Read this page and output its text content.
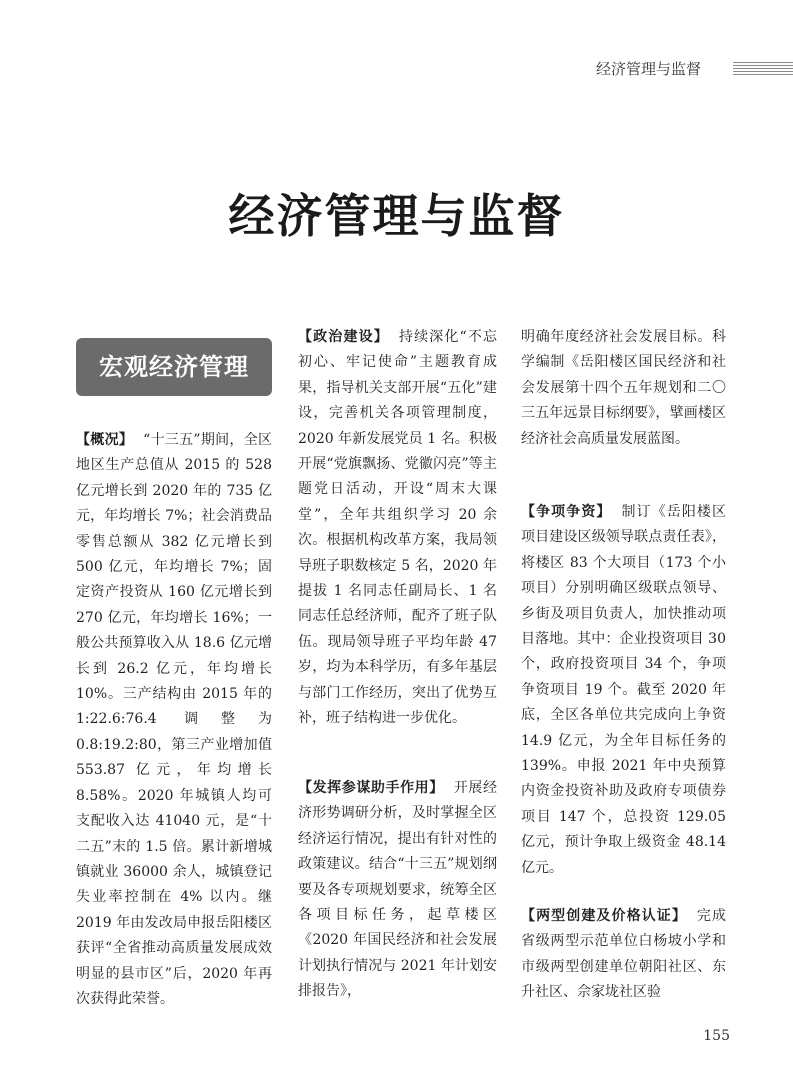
经济管理与监督
经济管理与监督
宏观经济管理

【概况】 “十三五”期间，全区地区生产总值从 2015 的 528 亿元增长到 2020 年的 735 亿元，年均增长 7%；社会消费品零售总额从 382 亿元增长到 500 亿元，年均增长 7%；固定资产投资从 160 亿元增长到 270 亿元，年均增长 16%；一般公共预算收入从 18.6 亿元增长到 26.2 亿元，年均增长 10%。三产结构由 2015 年的 1:22.6:76.4 调整为 0.8:19.2:80，第三产业增加值 553.87 亿元，年均增长 8.58%。2020 年城镇人均可支配收入达 41040 元，是“十二五”末的 1.5 倍。累计新增城镇就业 36000 余人，城镇登记失业率控制在 4% 以内。继 2019 年由发改局申报岳阳楼区获评“全省推动高质量发展成效明显的县市区”后，2020 年再次获得此荣誉。

【政治建设】 持续深化“不忘初心、牢记使命”主题教育成果，指导机关支部开展“五化”建设，完善机关各项管理制度，2020 年新发展党员 1 名。积极开展“党旗飘扬、党徽闪亮”等主题党日活动，开设“周末大课堂”，全年共组织学习 20 余次。根据机构改革方案，我局领导班子职数核定 5 名，2020 年提拔 1 名同志任副局长、1 名同志任总经济师，配齐了班子队伍。现局领导班子平均年龄 47 岁，均为本科学历，有多年基层与部门工作经历，突出了优势互补，班子结构进一步优化。

【发挥参谋助手作用】 开展经济形势调研分析，及时掌握全区经济运行情况，提出有针对性的政策建议。结合“十三五”规划纲要及各专项规划要求，统筹全区各项目标任务，起草楼区《2020 年国民经济和社会发展计划执行情况与 2021 年计划安排报告》，

明确年度经济社会发展目标。科学编制《岳阳楼区国民经济和社会发展第十四个五年规划和二〇三五年远景目标纲要》，擘画楼区经济社会高质量发展蓝图。

【争项争资】 制订《岳阳楼区项目建设区级领导联点责任表》，将楼区 83 个大项目（173 个小项目）分别明确区级联点领导、乡街及项目负责人，加快推动项目落地。其中：企业投资项目 30 个，政府投资项目 34 个，争项争资项目 19 个。截至 2020 年底，全区各单位共完成向上争资 14.9 亿元，为全年目标任务的 139%。申报 2021 年中央预算内资金投资补助及政府专项债券项目 147 个，总投资 129.05 亿元，预计争取上级资金 48.14 亿元。

【两型创建及价格认证】 完成省级两型示范单位白杨坡小学和市级两型创建单位朝阳社区、东升社区、佘家垅社区验

155
